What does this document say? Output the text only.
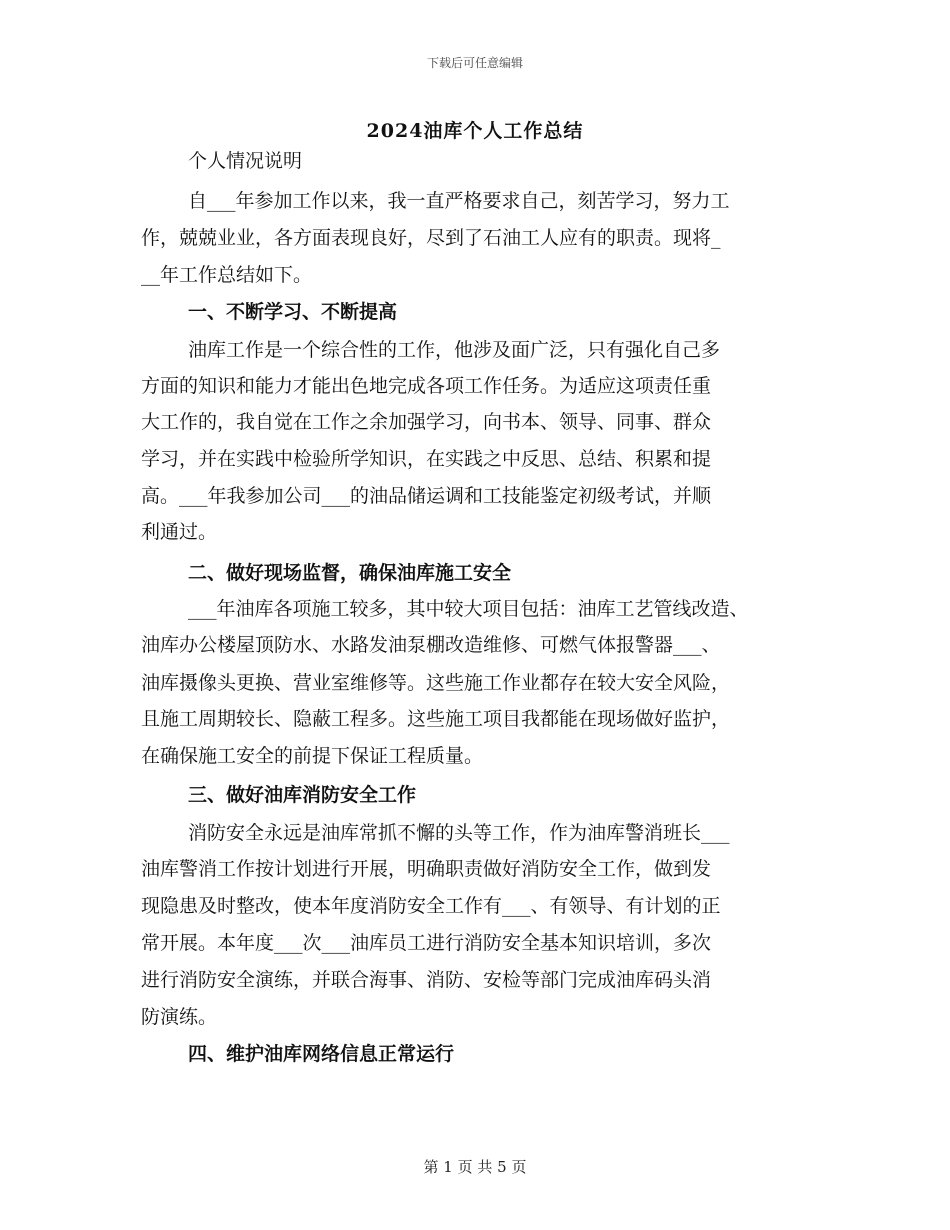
下载后可任意编辑
2024油库个人工作总结
个人情况说明
自___年参加工作以来，我一直严格要求自己，刻苦学习，努力工
作，兢兢业业，各方面表现良好，尽到了石油工人应有的职责。现将_
__年工作总结如下。
一、不断学习、不断提高
油库工作是一个综合性的工作，他涉及面广泛，只有强化自己多
方面的知识和能力才能出色地完成各项工作任务。为适应这项责任重
大工作的，我自觉在工作之余加强学习，向书本、领导、同事、群众
学习，并在实践中检验所学知识，在实践之中反思、总结、积累和提
高。___年我参加公司___的油品储运调和工技能鉴定初级考试，并顺
利通过。
二、做好现场监督，确保油库施工安全
___年油库各项施工较多，其中较大项目包括：油库工艺管线改造、
油库办公楼屋顶防水、水路发油泵棚改造维修、可燃气体报警器___、
油库摄像头更换、营业室维修等。这些施工作业都存在较大安全风险，
且施工周期较长、隐蔽工程多。这些施工项目我都能在现场做好监护，
在确保施工安全的前提下保证工程质量。
三、做好油库消防安全工作
消防安全永远是油库常抓不懈的头等工作，作为油库警消班长___
油库警消工作按计划进行开展，明确职责做好消防安全工作，做到发
现隐患及时整改，使本年度消防安全工作有___、有领导、有计划的正
常开展。本年度___次___油库员工进行消防安全基本知识培训，多次
进行消防安全演练，并联合海事、消防、安检等部门完成油库码头消
防演练。
四、维护油库网络信息正常运行
第 1 页 共 5 页
